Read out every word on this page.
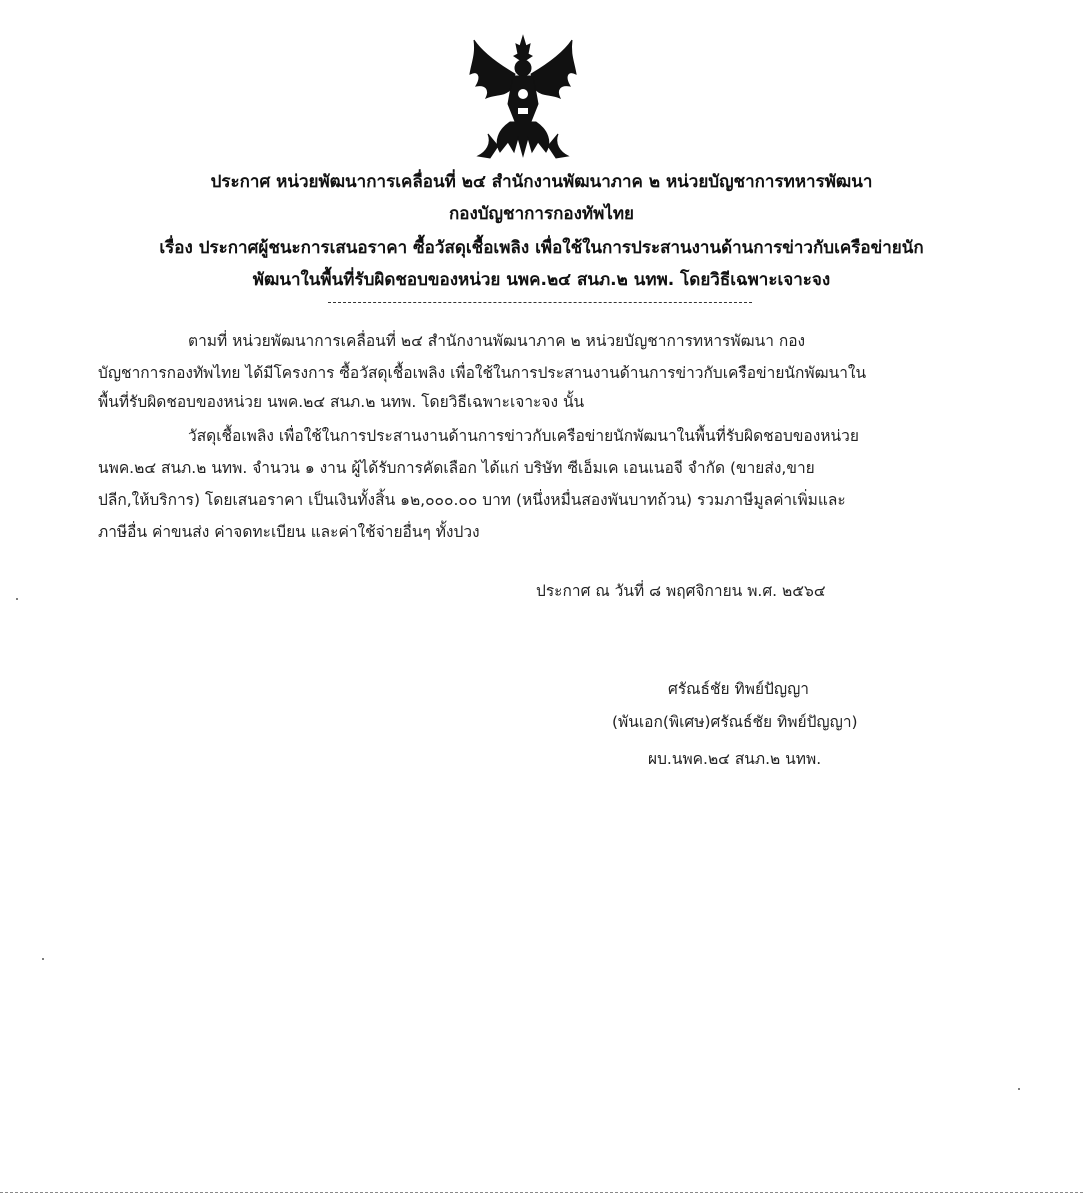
ประกาศ หน่วยพัฒนาการเคลื่อนที่ ๒๔ สำนักงานพัฒนาภาค ๒ หน่วยบัญชาการทหารพัฒนา
กองบัญชาการกองทัพไทย
เรื่อง ประกาศผู้ชนะการเสนอราคา ซื้อวัสดุเชื้อเพลิง เพื่อใช้ในการประสานงานด้านการข่าวกับเครือข่ายนัก
พัฒนาในพื้นที่รับผิดชอบของหน่วย นพค.๒๔ สนภ.๒ นทพ. โดยวิธีเฉพาะเจาะจง
ตามที่ หน่วยพัฒนาการเคลื่อนที่ ๒๔ สำนักงานพัฒนาภาค ๒ หน่วยบัญชาการทหารพัฒนา กอง
บัญชาการกองทัพไทย ได้มีโครงการ ซื้อวัสดุเชื้อเพลิง เพื่อใช้ในการประสานงานด้านการข่าวกับเครือข่ายนักพัฒนาใน
พื้นที่รับผิดชอบของหน่วย นพค.๒๔ สนภ.๒ นทพ. โดยวิธีเฉพาะเจาะจง นั้น
วัสดุเชื้อเพลิง เพื่อใช้ในการประสานงานด้านการข่าวกับเครือข่ายนักพัฒนาในพื้นที่รับผิดชอบของหน่วย
นพค.๒๔ สนภ.๒ นทพ. จำนวน ๑ งาน ผู้ได้รับการคัดเลือก ได้แก่ บริษัท ซีเอ็มเค เอนเนอจี จำกัด (ขายส่ง,ขาย
ปลีก,ให้บริการ) โดยเสนอราคา เป็นเงินทั้งสิ้น ๑๒,๐๐๐.๐๐ บาท (หนึ่งหมื่นสองพันบาทถ้วน) รวมภาษีมูลค่าเพิ่มและ
ภาษีอื่น ค่าขนส่ง ค่าจดทะเบียน และค่าใช้จ่ายอื่นๆ ทั้งปวง
ประกาศ ณ วันที่ ๘ พฤศจิกายน พ.ศ. ๒๕๖๔
ศรัณธ์ชัย ทิพย์ปัญญา
(พันเอก(พิเศษ)ศรัณธ์ชัย ทิพย์ปัญญา)
ผบ.นพค.๒๔ สนภ.๒ นทพ.
